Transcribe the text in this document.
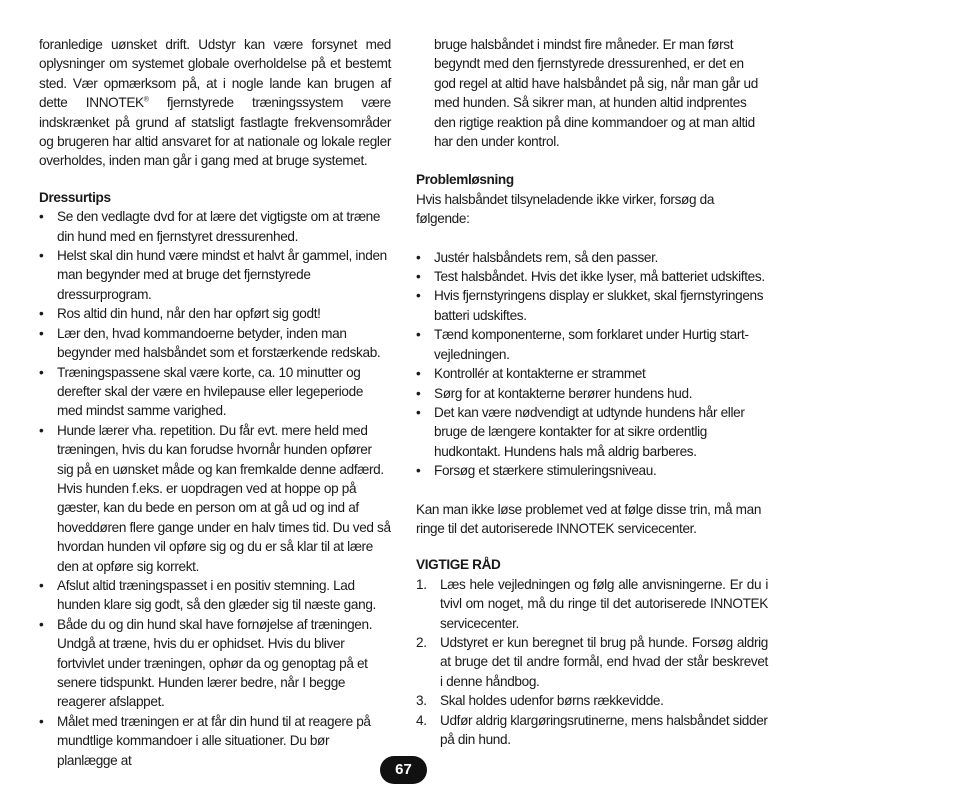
foranledige uønsket drift. Udstyr kan være forsynet med oplysninger om systemet globale overholdelse på et bestemt sted. Vær opmærksom på, at i nogle lande kan brugen af dette INNOTEK® fjernstyrede træningssystem være indskrænket på grund af statsligt fastlagte frekvensområder og brugeren har altid ansvaret for at nationale og lokale regler overholdes, inden man går i gang med at bruge systemet.

Dressurtips
• Se den vedlagte dvd for at lære det vigtigste om at træne din hund med en fjernstyret dressurenhed.
• Helst skal din hund være mindst et halvt år gammel, inden man begynder med at bruge det fjernstyrede dressurprogram.
• Ros altid din hund, når den har opført sig godt!
• Lær den, hvad kommandoerne betyder, inden man begynder med halsbåndet som et forstærkende redskab.
• Træningspassene skal være korte, ca. 10 minutter og derefter skal der være en hvilepause eller legeperiode med mindst samme varighed.
• Hunde lærer vha. repetition. Du får evt. mere held med træningen, hvis du kan forudse hvornår hunden opfører sig på en uønsket måde og kan fremkalde denne adfærd. Hvis hunden f.eks. er uopdragen ved at hoppe op på gæster, kan du bede en person om at gå ud og ind af hoveddøren flere gange under en halv times tid. Du ved så hvordan hunden vil opføre sig og du er så klar til at lære den at opføre sig korrekt.
• Afslut altid træningspasset i en positiv stemning. Lad hunden klare sig godt, så den glæder sig til næste gang.
• Både du og din hund skal have fornøjelse af træningen. Undgå at træne, hvis du er ophidset. Hvis du bliver fortvivlet under træningen, ophør da og genoptag på et senere tidspunkt. Hunden lærer bedre, når I begge reagerer afslappet.
• Målet med træningen er at får din hund til at reagere på mundtlige kommandoer i alle situationer. Du bør planlægge at

bruge halsbåndet i mindst fire måneder. Er man først begyndt med den fjernstyrede dressurenhed, er det en god regel at altid have halsbåndet på sig, når man går ud med hunden. Så sikrer man, at hunden altid indprentes den rigtige reaktion på dine kommandoer og at man altid har den under kontrol.

Problemløsning

Hvis halsbåndet tilsyneladende ikke virker, forsøg da følgende:

• Justér halsbåndets rem, så den passer.
• Test halsbåndet. Hvis det ikke lyser, må batteriet udskiftes.
• Hvis fjernstyringens display er slukket, skal fjernstyringens batteri udskiftes.
• Tænd komponenterne, som forklaret under Hurtig start-vejledningen.
• Kontrollér at kontakterne er strammet
• Sørg for at kontakterne berører hundens hud.
• Det kan være nødvendigt at udtynde hundens hår eller bruge de længere kontakter for at sikre ordentlig hudkontakt. Hundens hals må aldrig barberes.
• Forsøg et stærkere stimuleringsniveau.

Kan man ikke løse problemet ved at følge disse trin, må man ringe til det autoriserede INNOTEK servicecenter.

VIGTIGE RÅD
1. Læs hele vejledningen og følg alle anvisningerne. Er du i tvivl om noget, må du ringe til det autoriserede INNOTEK servicecenter.
2. Udstyret er kun beregnet til brug på hunde. Forsøg aldrig at bruge det til andre formål, end hvad der står beskrevet i denne håndbog.
3. Skal holdes udenfor børns rækkevidde.
4. Udfør aldrig klargøringsrutinerne, mens halsbåndet sidder på din hund.
67
